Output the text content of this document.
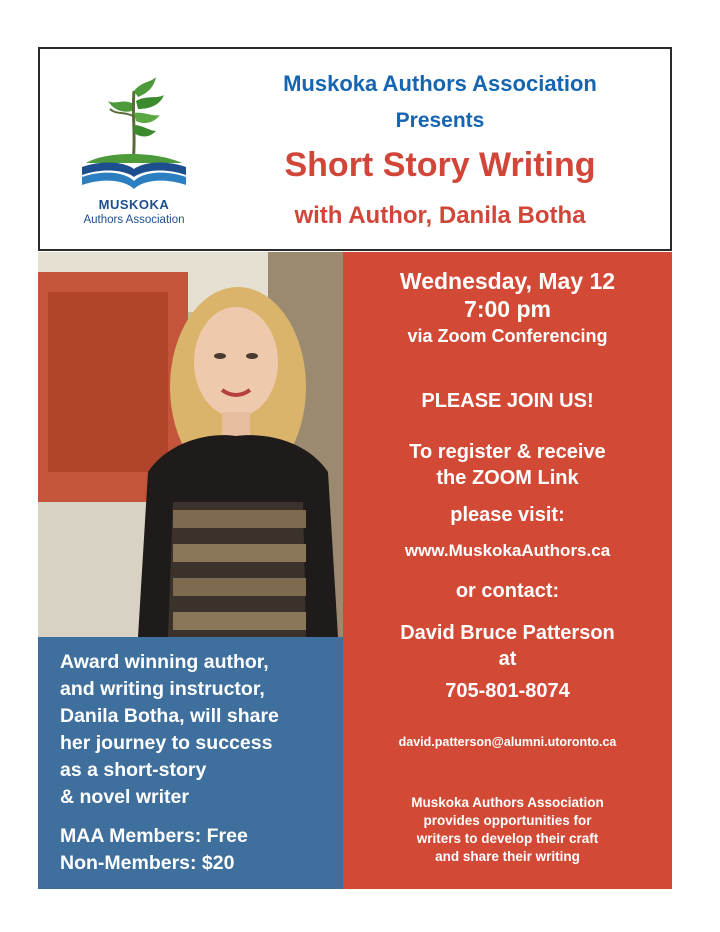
MUSKOKA
Authors Association
Muskoka Authors Association
Presents
Short Story Writing
with Author, Danila Botha
Wednesday, May 12
7:00 pm
via Zoom Conferencing
PLEASE JOIN US!
To register & receive
the ZOOM Link
please visit:
www.MuskokaAuthors.ca
or contact:
David Bruce Patterson
at
705-801-8074
david.patterson@alumni.utoronto.ca
Muskoka Authors Association
provides opportunities for
writers to develop their craft
and share their writing
Award winning author,
and writing instructor,
Danila Botha, will share
her journey to success
as a short-story
& novel writer
MAA Members: Free
Non-Members: $20
